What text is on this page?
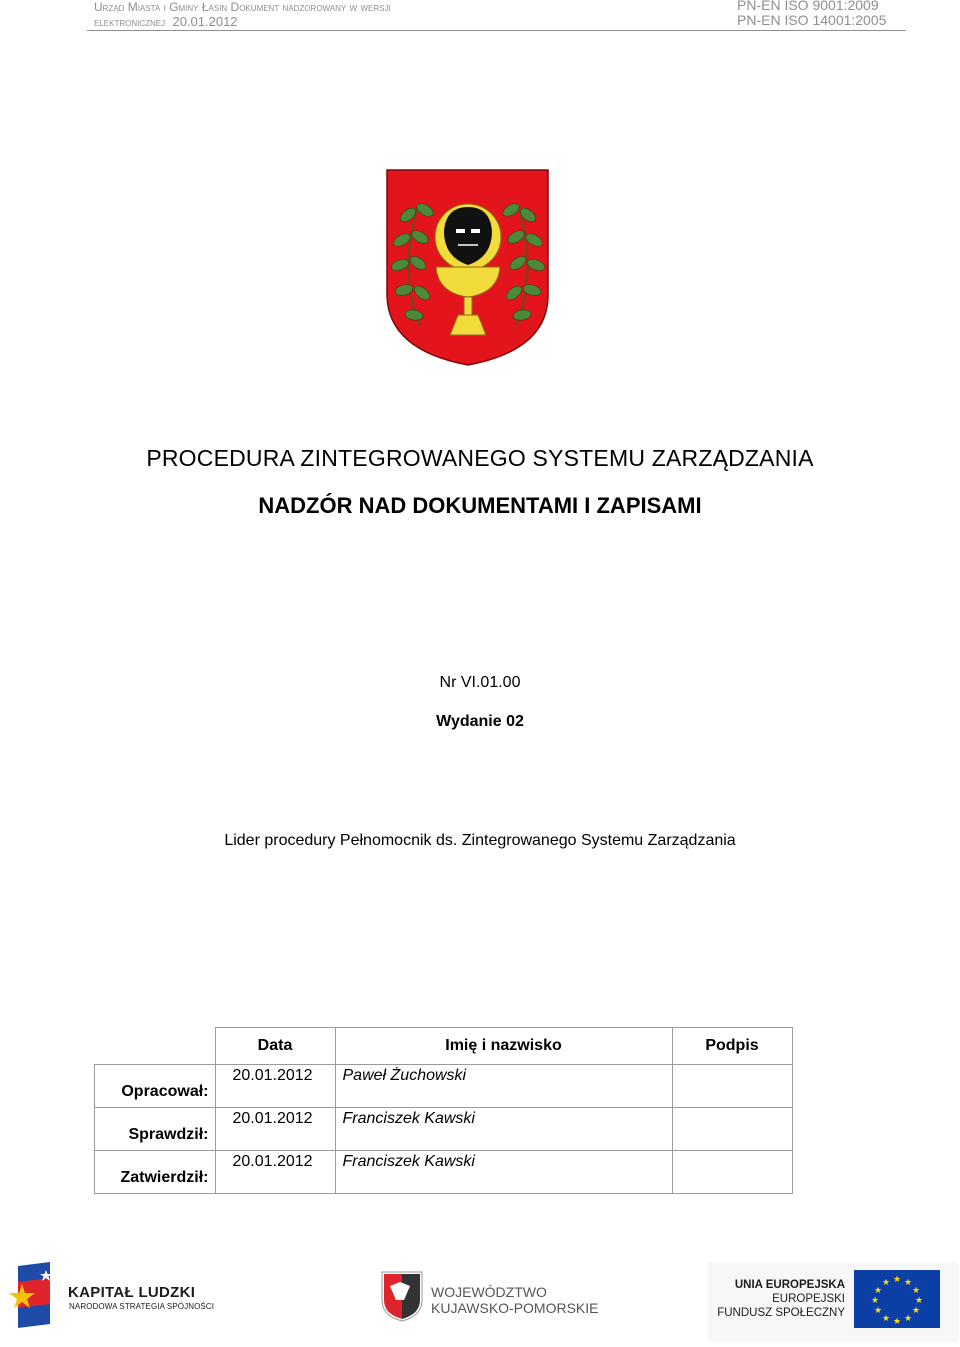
Urząd Miasta i Gminy Łasin Dokument nadzorowany w wersji
elektronicznej 20.01.2012
PN-EN ISO 9001:2009
PN-EN ISO 14001:2005
PROCEDURA ZINTEGROWANEGO SYSTEMU ZARZĄDZANIA
NADZÓR NAD DOKUMENTAMI I ZAPISAMI
Nr VI.01.00
Wydanie 02
Lider procedury Pełnomocnik ds. Zintegrowanego Systemu Zarządzania
	Data	Imię i nazwisko	Podpis
Opracował:	20.01.2012	Paweł Żuchowski	
Sprawdził:	20.01.2012	Franciszek Kawski	
Zatwierdził:	20.01.2012	Franciszek Kawski	
KAPITAŁ LUDZKI
NARODOWA STRATEGIA SPÓJNOŚCI
WOJEWÓDZTWO
KUJAWSKO-POMORSKIE
UNIA EUROPEJSKA
EUROPEJSKI
FUNDUSZ SPOŁECZNY
★ ★
★
★
★
★
★
★
★
★
★
★
